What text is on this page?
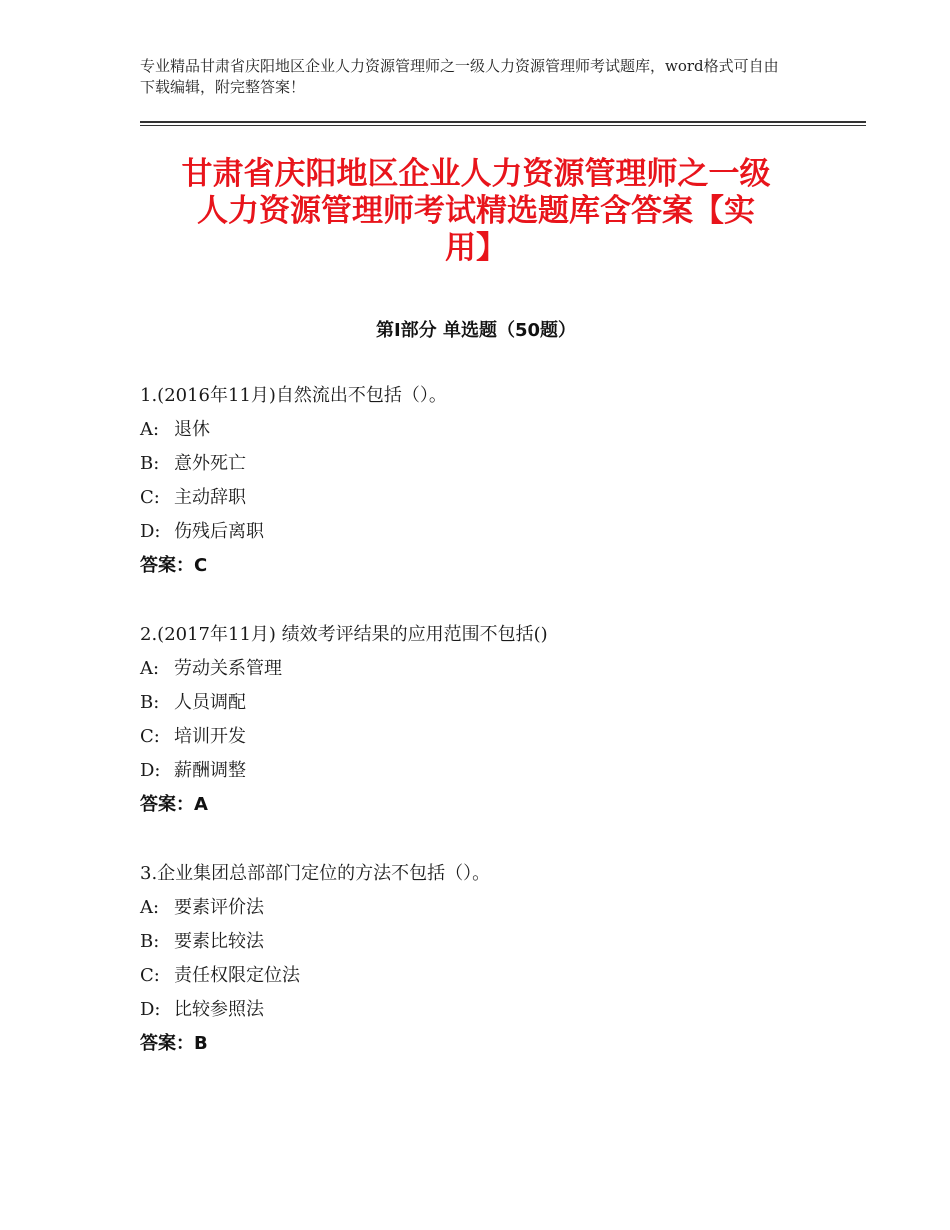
专业精品甘肃省庆阳地区企业人力资源管理师之一级人力资源管理师考试题库，word格式可自由下载编辑，附完整答案！
甘肃省庆阳地区企业人力资源管理师之一级
人力资源管理师考试精选题库含答案【实
用】
第Ⅰ部分 单选题（50题）
1.(2016年11月)自然流出不包括（）。
A: 退休
B: 意外死亡
C: 主动辞职
D: 伤残后离职
答案：C
2.(2017年11月) 绩效考评结果的应用范围不包括()
A: 劳动关系管理
B: 人员调配
C: 培训开发
D: 薪酬调整
答案：A
3.企业集团总部部门定位的方法不包括（）。
A: 要素评价法
B: 要素比较法
C: 责任权限定位法
D: 比较参照法
答案：B
